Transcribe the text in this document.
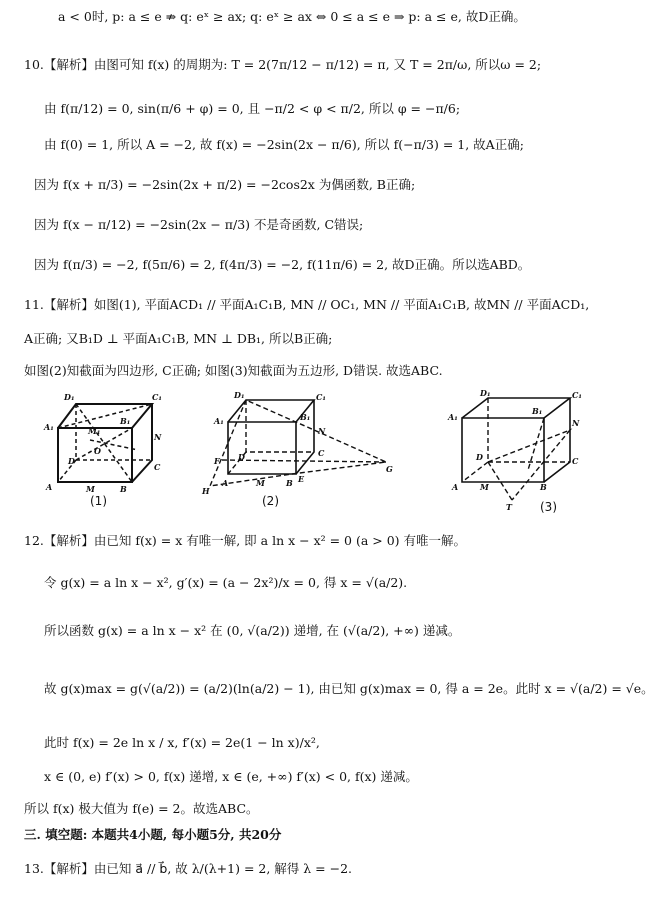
a < 0时, p: a ≤ e ⇏ q: eˣ ≥ ax; q: eˣ ≥ ax ⇔ 0 ≤ a ≤ e ⇒ p: a ≤ e, 故D正确。
10.【解析】由图可知 f(x) 的周期为: T = 2(7π/12 − π/12) = π, 又 T = 2π/ω, 所以ω = 2;
由 f(π/12) = 0, sin(π/6 + φ) = 0, 且 −π/2 < φ < π/2, 所以 φ = −π/6;
由 f(0) = 1, 所以 A = −2, 故 f(x) = −2sin(2x − π/6), 所以 f(−π/3) = 1, 故A正确;
因为 f(x + π/3) = −2sin(2x + π/2) = −2cos2x 为偶函数, B正确;
因为 f(x − π/12) = −2sin(2x − π/3) 不是奇函数, C错误;
因为 f(π/3) = −2, f(5π/6) = 2, f(4π/3) = −2, f(11π/6) = 2, 故D正确。所以选ABD。
11.【解析】如图(1), 平面ACD₁ // 平面A₁C₁B, MN // OC₁, MN // 平面A₁C₁B, 故MN // 平面ACD₁,
A正确; 又B₁D ⊥ 平面A₁C₁B, MN ⊥ DB₁, 所以B正确;
如图(2)知截面为四边形, C正确; 如图(3)知截面为五边形, D错误. 故选ABC.
D₁	C₁
A₁
B₁
M₁
O
N
D
C
A	M	B
(1)
D₁	C₁
A₁	B₁
N
D
F
C
G
H
A	M	B E
(2)
D₁	C₁
A₁
B₁
N
D	C
A	M	B
T (3)
12.【解析】由已知 f(x) = x 有唯一解, 即 a ln x − x² = 0 (a > 0) 有唯一解。
令 g(x) = a ln x − x², g′(x) = (a − 2x²)/x = 0, 得 x = √(a/2).
所以函数 g(x) = a ln x − x² 在 (0, √(a/2)) 递增, 在 (√(a/2), +∞) 递减。
故 g(x)max = g(√(a/2)) = (a/2)(ln(a/2) − 1), 由已知 g(x)max = 0, 得 a = 2e。此时 x = √(a/2) = √e。
此时 f(x) = 2e ln x / x, f′(x) = 2e(1 − ln x)/x²,
x ∈ (0, e) f′(x) > 0, f(x) 递增, x ∈ (e, +∞) f′(x) < 0, f(x) 递减。
所以 f(x) 极大值为 f(e) = 2。故选ABC。
三. 填空题: 本题共4小题, 每小题5分, 共20分
13.【解析】由已知 a⃗ // b⃗, 故 λ/(λ+1) = 2, 解得 λ = −2.
